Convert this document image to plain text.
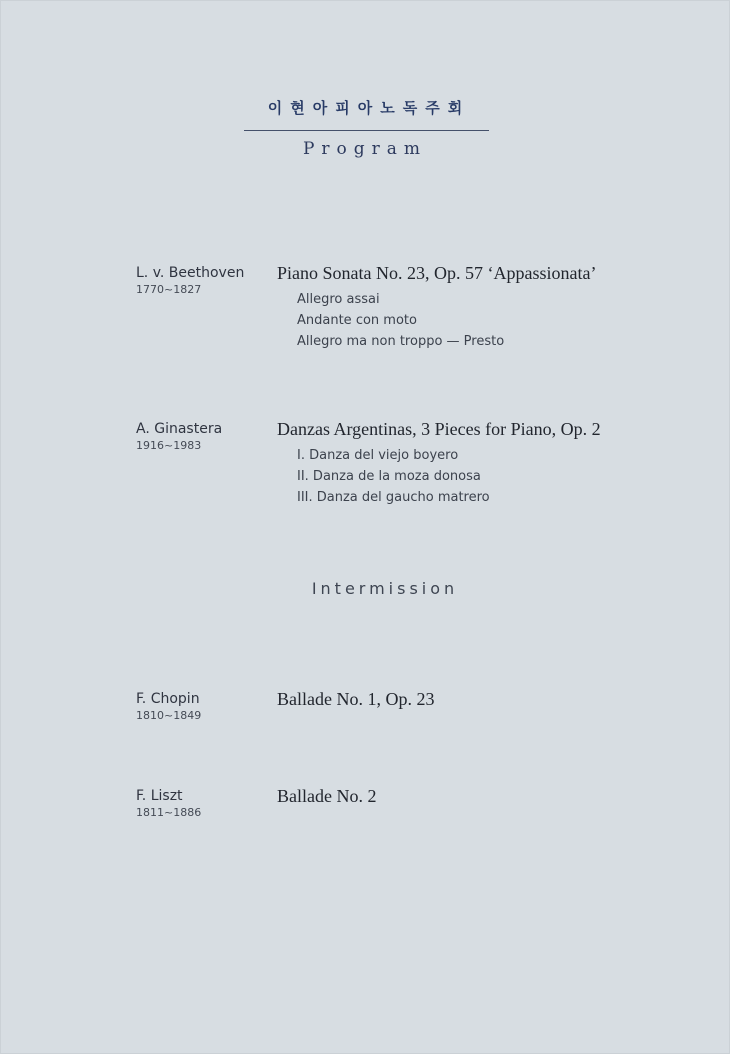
이현아피아노독주회
Program
L. v. Beethoven
1770~1827
Piano Sonata No. 23, Op. 57 ‘Appassionata’
Allegro assai
Andante con moto
Allegro ma non troppo — Presto
A. Ginastera
1916~1983
Danzas Argentinas, 3 Pieces for Piano, Op. 2
I. Danza del viejo boyero
II. Danza de la moza donosa
III. Danza del gaucho matrero
Intermission
F. Chopin
1810~1849
Ballade No. 1, Op. 23
F. Liszt
1811~1886
Ballade No. 2
